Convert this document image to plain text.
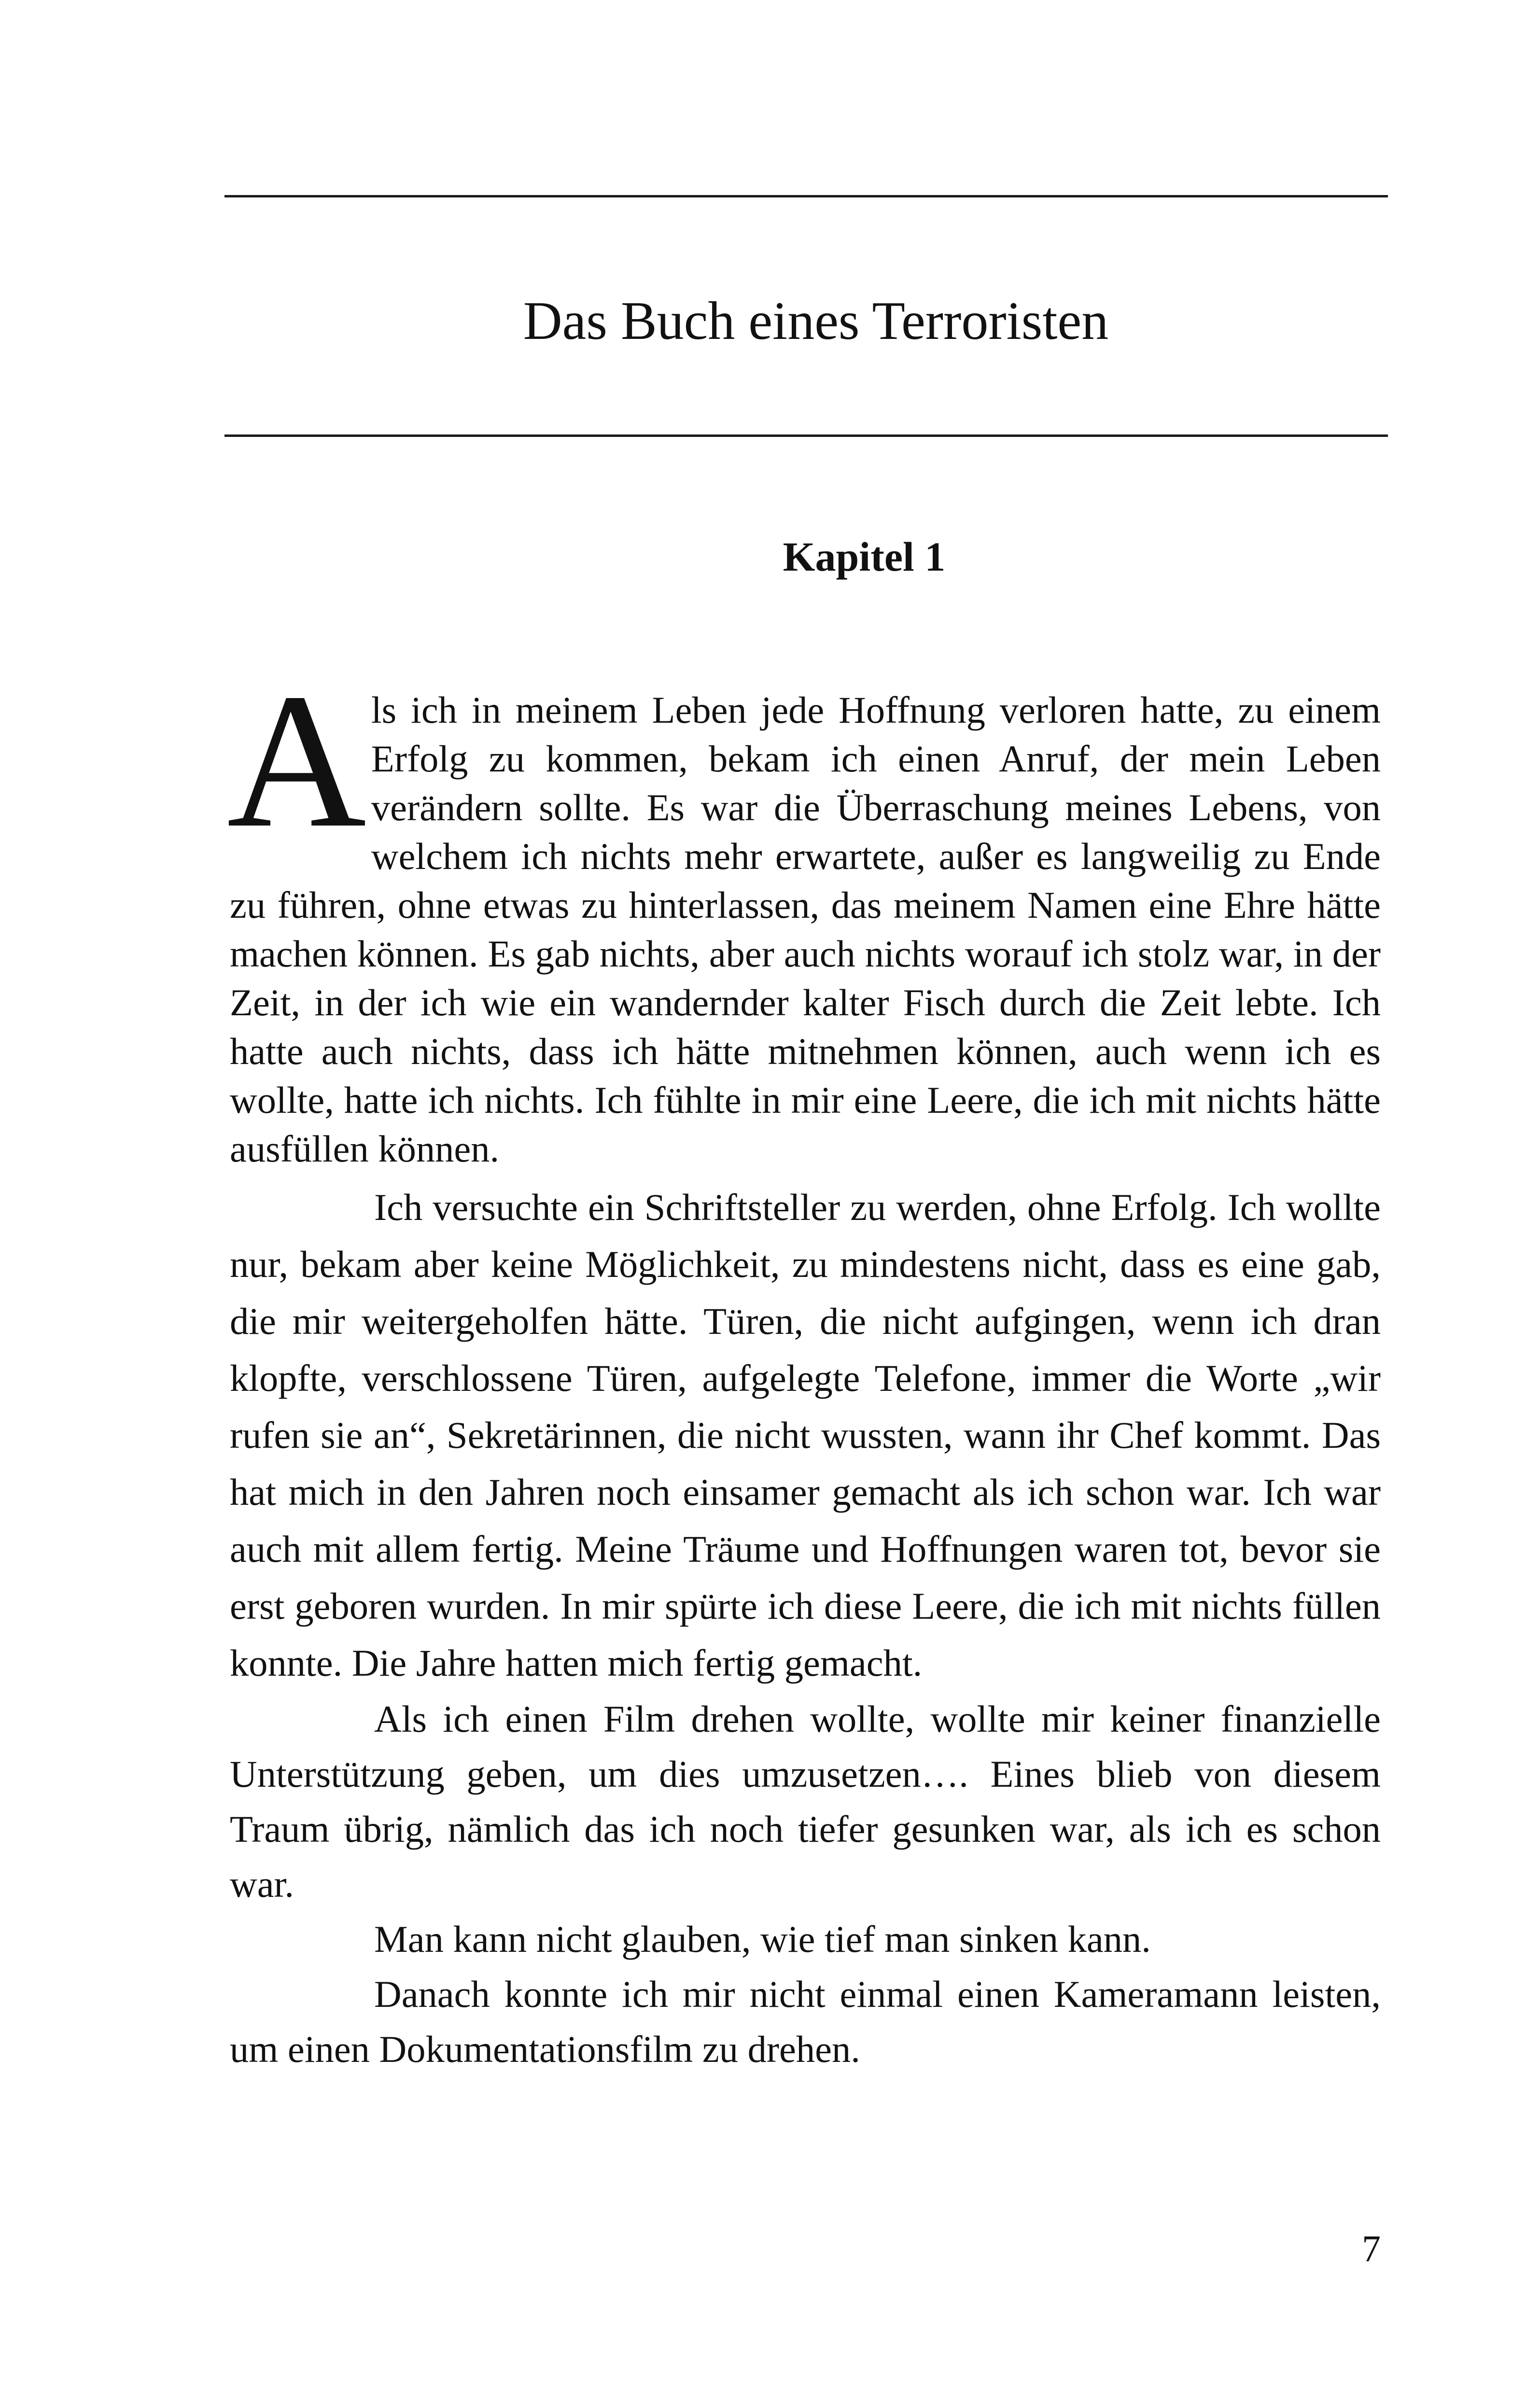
Das Buch eines Terroristen
Kapitel 1

Als ich in meinem Leben jede Hoffnung verloren hatte, zu einem Erfolg zu kommen, bekam ich einen Anruf, der mein Leben verändern sollte. Es war die Überraschung meines Lebens, von welchem ich nichts mehr erwartete, außer es langweilig zu Ende zu führen, ohne etwas zu hinterlassen, das meinem Namen eine Ehre hätte machen können. Es gab nichts, aber auch nichts worauf ich stolz war, in der Zeit, in der ich wie ein wandernder kalter Fisch durch die Zeit lebte. Ich hatte auch nichts, dass ich hätte mitnehmen können, auch wenn ich es wollte, hatte ich nichts. Ich fühlte in mir eine Leere, die ich mit nichts hätte ausfüllen können.

Ich versuchte ein Schriftsteller zu werden, ohne Erfolg. Ich wollte nur, bekam aber keine Möglichkeit, zu mindestens nicht, dass es eine gab, die mir weitergeholfen hätte. Türen, die nicht aufgingen, wenn ich dran klopfte, verschlossene Türen, aufgelegte Telefone, immer die Worte „wir rufen sie an“, Sekretärinnen, die nicht wussten, wann ihr Chef kommt. Das hat mich in den Jahren noch einsamer gemacht als ich schon war. Ich war auch mit allem fertig. Meine Träume und Hoffnungen waren tot, bevor sie erst geboren wurden. In mir spürte ich diese Leere, die ich mit nichts füllen konnte. Die Jahre hatten mich fertig gemacht.

Als ich einen Film drehen wollte, wollte mir keiner finanzielle Unterstützung geben, um dies umzusetzen…. Eines blieb von diesem Traum übrig, nämlich das ich noch tiefer gesunken war, als ich es schon war.

Man kann nicht glauben, wie tief man sinken kann.

Danach konnte ich mir nicht einmal einen Kameramann leisten, um einen Dokumentationsfilm zu drehen.

7
